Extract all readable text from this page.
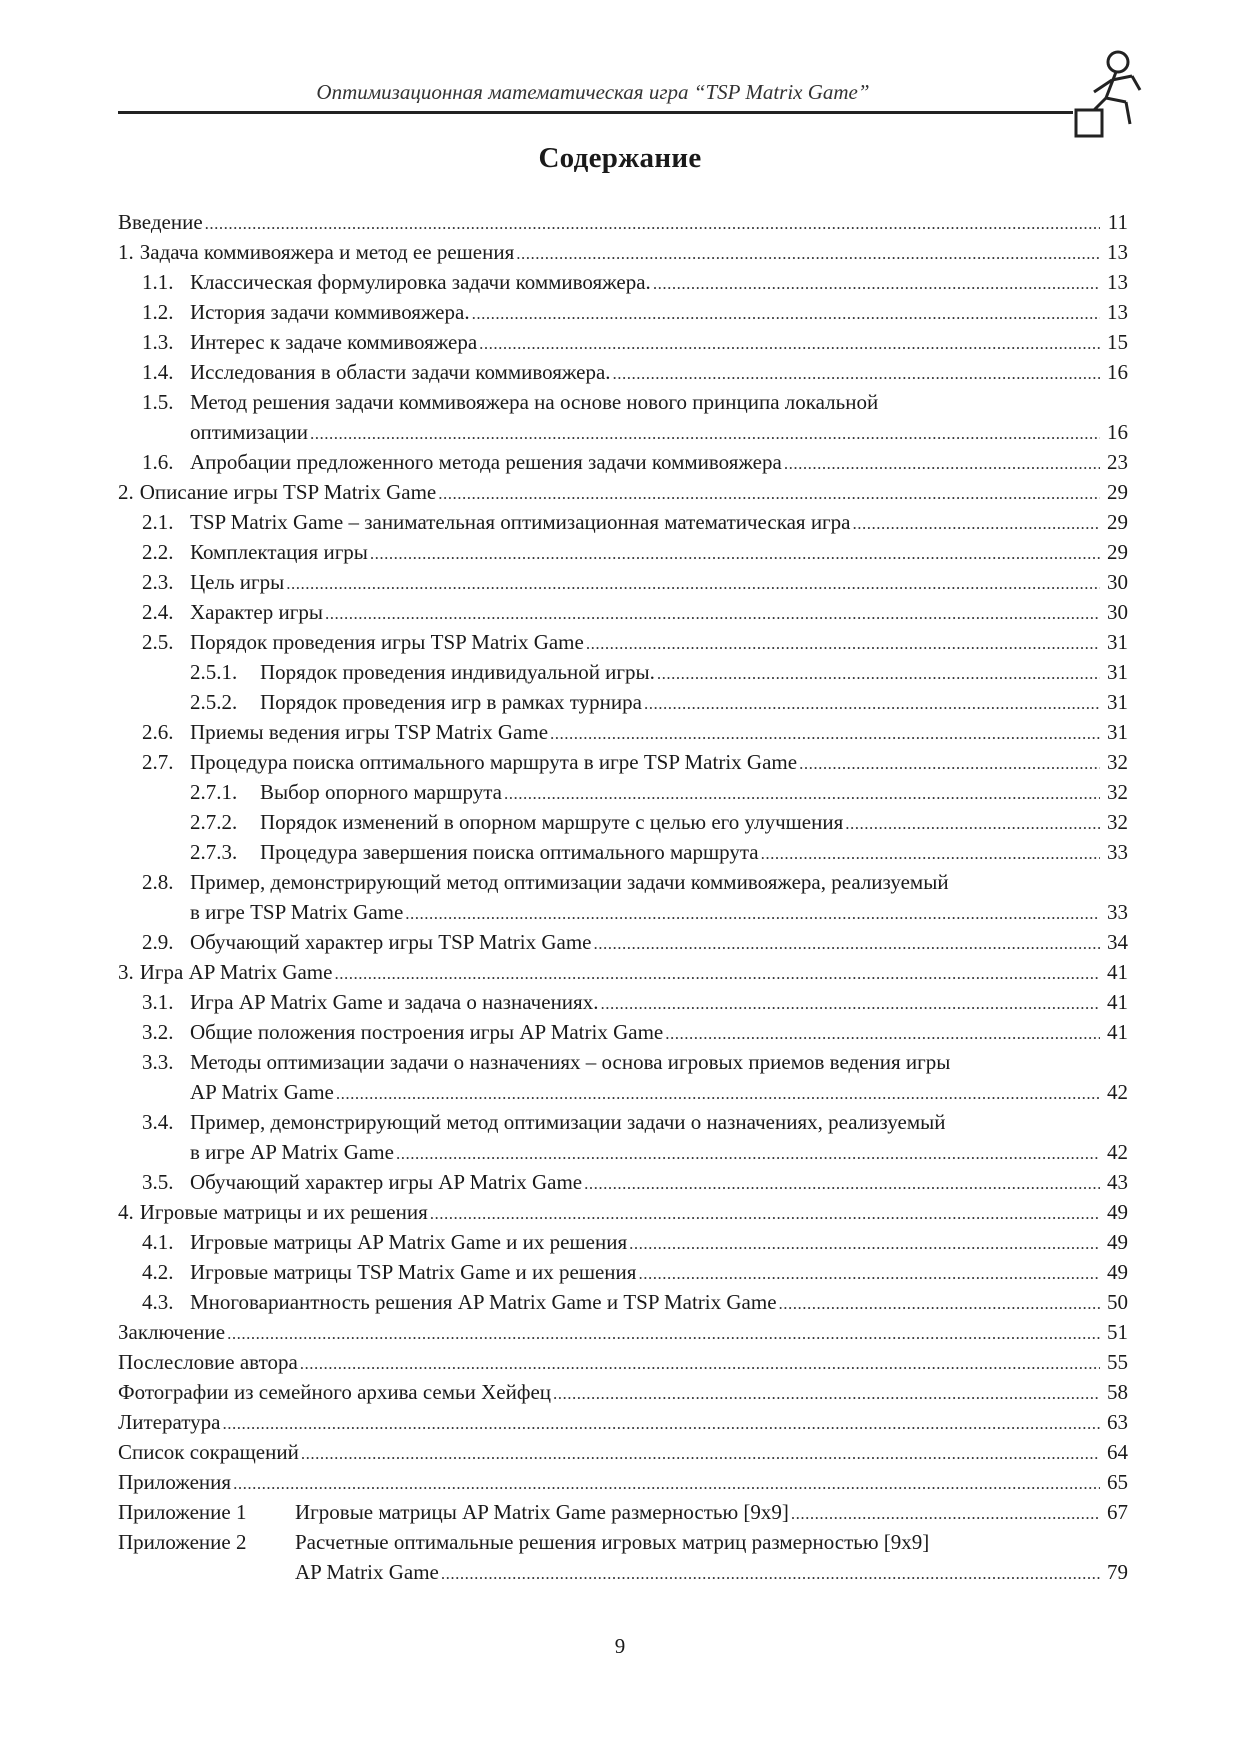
Оптимизационная математическая игра “TSP Matrix Game”
Содержание
Введение .....	11
1. Задача коммивояжера и метод ее решения .....	13
1.1. Классическая формулировка задачи коммивояжера. .....	13
1.2. История задачи коммивояжера. .....	13
1.3. Интерес к задаче коммивояжера .....	15
1.4. Исследования в области задачи коммивояжера. .....	16
1.5. Метод решения задачи коммивояжера на основе нового принципа локальной
оптимизации .....	16
1.6. Апробации предложенного метода решения задачи коммивояжера .....	23
2. Описание игры TSP Matrix Game .....	29
2.1. TSP Matrix Game – занимательная оптимизационная математическая игра .....	29
2.2. Комплектация игры .....	29
2.3. Цель игры .....	30
2.4. Характер игры .....	30
2.5. Порядок проведения игры TSP Matrix Game .....	31
2.5.1.	Порядок проведения индивидуальной игры. .....	31
2.5.2.	Порядок проведения игр в рамках турнира .....	31
2.6. Приемы ведения игры TSP Matrix Game .....	31
2.7. Процедура поиска оптимального маршрута в игре TSP Matrix Game .....	32
2.7.1.	Выбор опорного маршрута .....	32
2.7.2.	Порядок изменений в опорном маршруте с целью его улучшения .....	32
2.7.3.	Процедура завершения поиска оптимального маршрута .....	33
2.8. Пример, демонстрирующий метод оптимизации задачи коммивояжера, реализуемый
в игре TSP Matrix Game .....	33
2.9. Обучающий характер игры TSP Matrix Game .....	34
3. Игра AP Matrix Game .....	41
3.1. Игра AP Matrix Game и задача о назначениях. .....	41
3.2. Общие положения построения игры AP Matrix Game .....	41
3.3. Методы оптимизации задачи о назначениях – основа игровых приемов ведения игры
AP Matrix Game .....	42
3.4. Пример, демонстрирующий метод оптимизации задачи о назначениях, реализуемый
в игре AP Matrix Game .....	42
3.5. Обучающий характер игры AP Matrix Game .....	43
4. Игровые матрицы и их решения .....	49
4.1. Игровые матрицы AP Matrix Game и их решения .....	49
4.2. Игровые матрицы TSP Matrix Game и их решения .....	49
4.3. Многовариантность решения AP Matrix Game и TSP Matrix Game .....	50
Заключение .....	51
Послесловие автора .....	55
Фотографии из семейного архива семьи Хейфец .....	58
Литература .....	63
Список сокращений .....	64
Приложения .....	65
Приложение 1	Игровые матрицы AP Matrix Game размерностью [9х9] .....	67
Приложение 2	Расчетные оптимальные решения игровых матриц размерностью [9х9]
AP Matrix Game .....	79
9
